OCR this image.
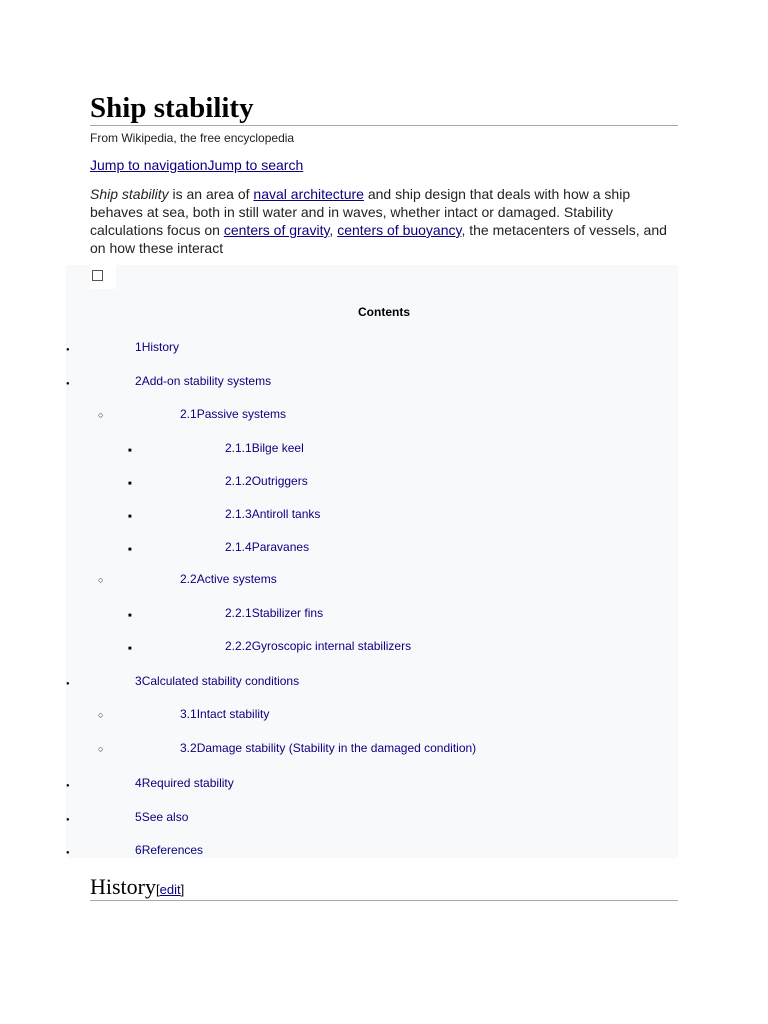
Ship stability
From Wikipedia, the free encyclopedia
Jump to navigationJump to search
Ship stability is an area of naval architecture and ship design that deals with how a ship behaves at sea, both in still water and in waves, whether intact or damaged. Stability calculations focus on centers of gravity, centers of buoyancy, the metacenters of vessels, and on how these interact
Contents
●
1History
●
2Add-on stability systems
○
2.1Passive systems
■
2.1.1Bilge keel
■
2.1.2Outriggers
■
2.1.3Antiroll tanks
■
2.1.4Paravanes
○
2.2Active systems
■
2.2.1Stabilizer fins
■
2.2.2Gyroscopic internal stabilizers
●
3Calculated stability conditions
○
3.1Intact stability
○
3.2Damage stability (Stability in the damaged condition)
●
4Required stability
●
5See also
●
6References
History[edit]
